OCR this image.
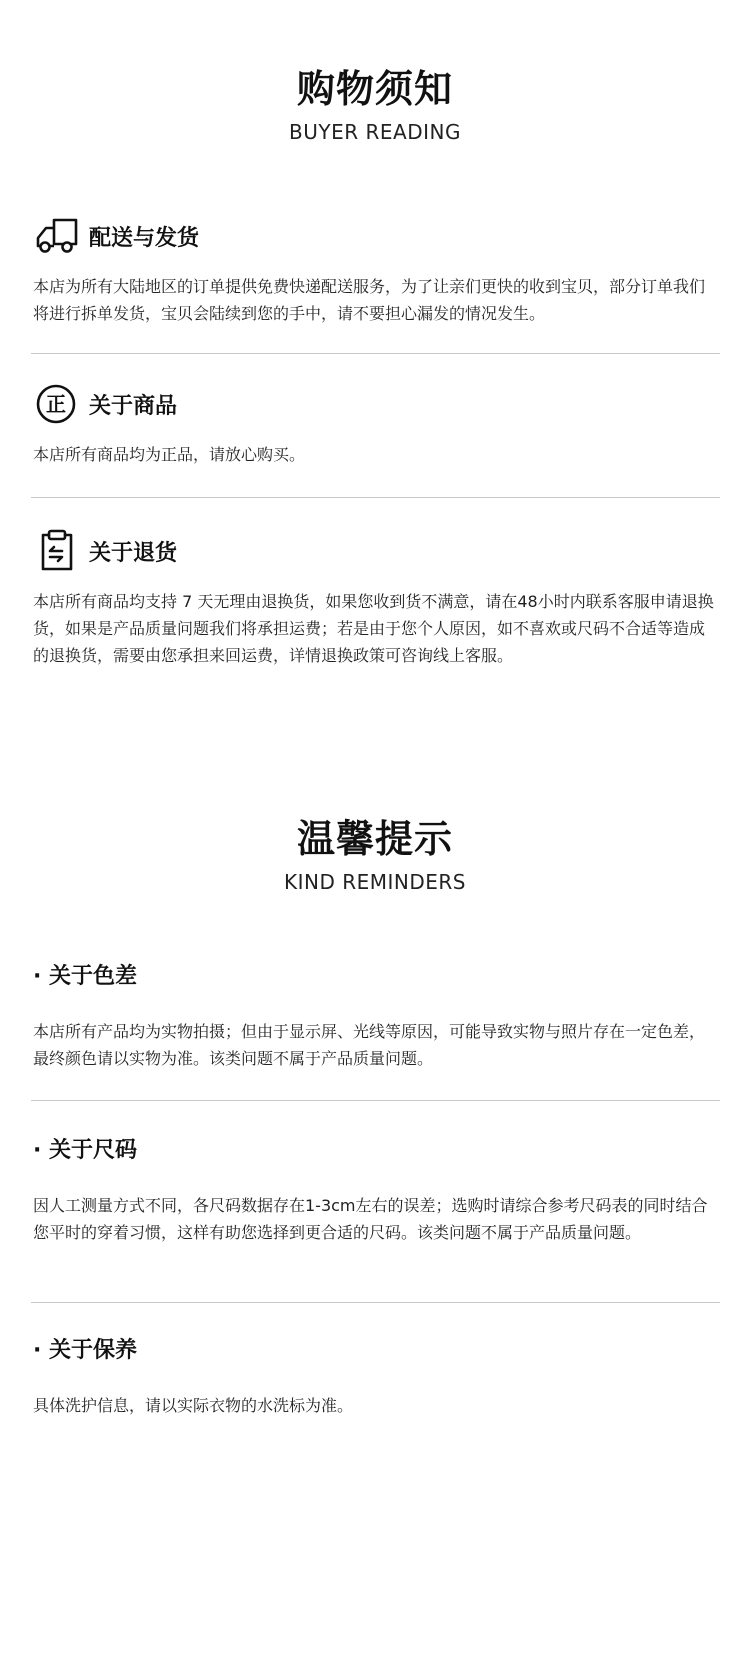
购物须知
BUYER READING
配送与发货
本店为所有大陆地区的订单提供免费快递配送服务，为了让亲们更快的收到宝贝，部分订单我们将进行拆单发货，宝贝会陆续到您的手中，请不要担心漏发的情况发生。
正 关于商品
本店所有商品均为正品，请放心购买。
关于退货
本店所有商品均支持 7 天无理由退换货，如果您收到货不满意，请在48小时内联系客服申请退换货，如果是产品质量问题我们将承担运费；若是由于您个人原因，如不喜欢或尺码不合适等造成的退换货，需要由您承担来回运费，详情退换政策可咨询线上客服。
温馨提示
KIND REMINDERS
· 关于色差
本店所有产品均为实物拍摄；但由于显示屏、光线等原因，可能导致实物与照片存在一定色差，最终颜色请以实物为准。该类问题不属于产品质量问题。
· 关于尺码
因人工测量方式不同，各尺码数据存在1-3cm左右的误差；选购时请综合参考尺码表的同时结合您平时的穿着习惯，这样有助您选择到更合适的尺码。该类问题不属于产品质量问题。
· 关于保养
具体洗护信息，请以实际衣物的水洗标为准。
